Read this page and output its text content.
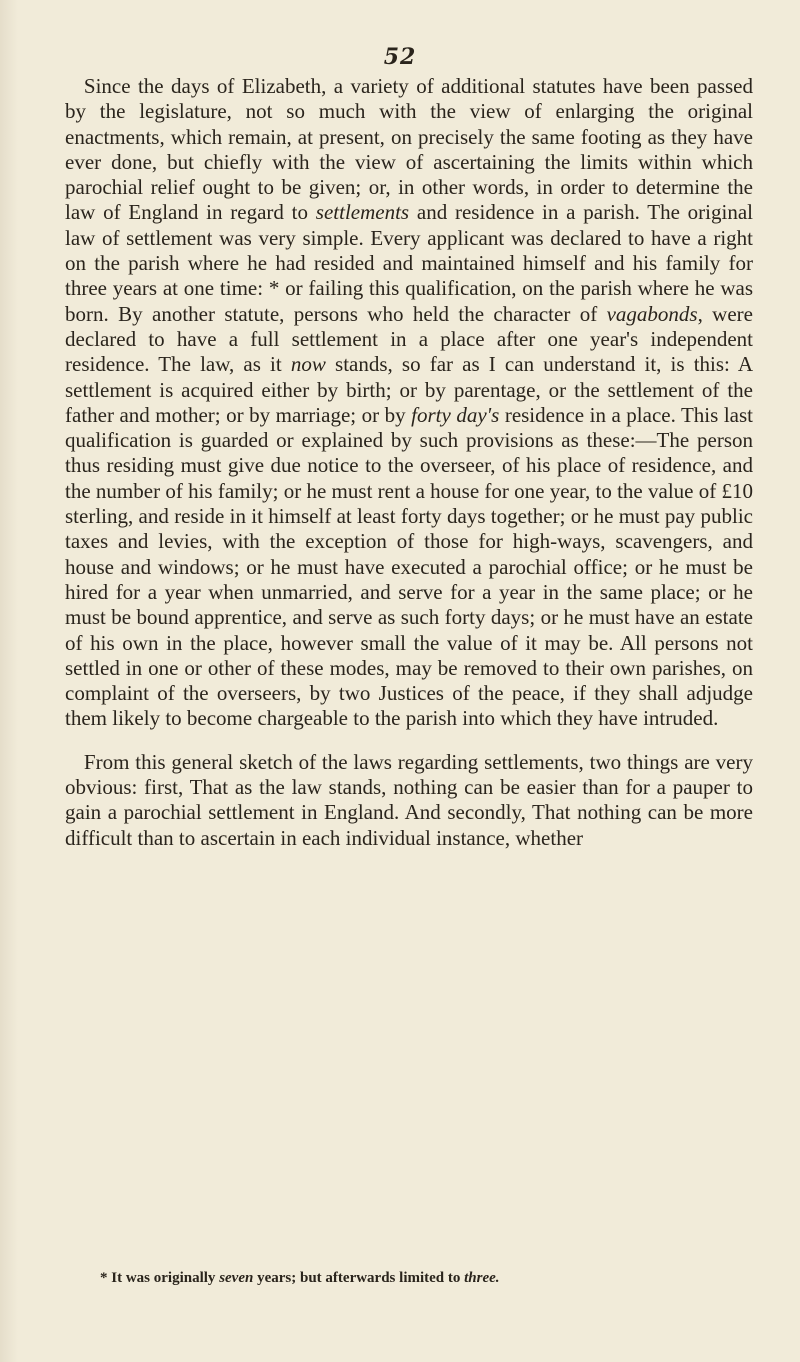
52

Since the days of Elizabeth, a variety of additional statutes have been passed by the legislature, not so much with the view of enlarging the original enactments, which remain, at present, on precisely the same footing as they have ever done, but chiefly with the view of ascertaining the limits within which parochial relief ought to be given; or, in other words, in order to determine the law of England in regard to settlements and residence in a parish. The original law of settlement was very simple. Every applicant was declared to have a right on the parish where he had resided and maintained himself and his family for three years at one time: * or failing this qualification, on the parish where he was born. By another statute, persons who held the character of vagabonds, were declared to have a full settlement in a place after one year's independent residence. The law, as it now stands, so far as I can understand it, is this: A settlement is acquired either by birth; or by parentage, or the settlement of the father and mother; or by marriage; or by forty day's residence in a place. This last qualification is guarded or explained by such provisions as these:—The person thus residing must give due notice to the overseer, of his place of residence, and the number of his family; or he must rent a house for one year, to the value of £10 sterling, and reside in it himself at least forty days together; or he must pay public taxes and levies, with the exception of those for high-ways, scavengers, and house and windows; or he must have executed a parochial office; or he must be hired for a year when unmarried, and serve for a year in the same place; or he must be bound apprentice, and serve as such forty days; or he must have an estate of his own in the place, however small the value of it may be. All persons not settled in one or other of these modes, may be removed to their own parishes, on complaint of the overseers, by two Justices of the peace, if they shall adjudge them likely to become chargeable to the parish into which they have intruded.

From this general sketch of the laws regarding settlements, two things are very obvious: first, That as the law stands, nothing can be easier than for a pauper to gain a parochial settlement in England. And secondly, That nothing can be more difficult than to ascertain in each individual instance, whether

* It was originally seven years; but afterwards limited to three.
